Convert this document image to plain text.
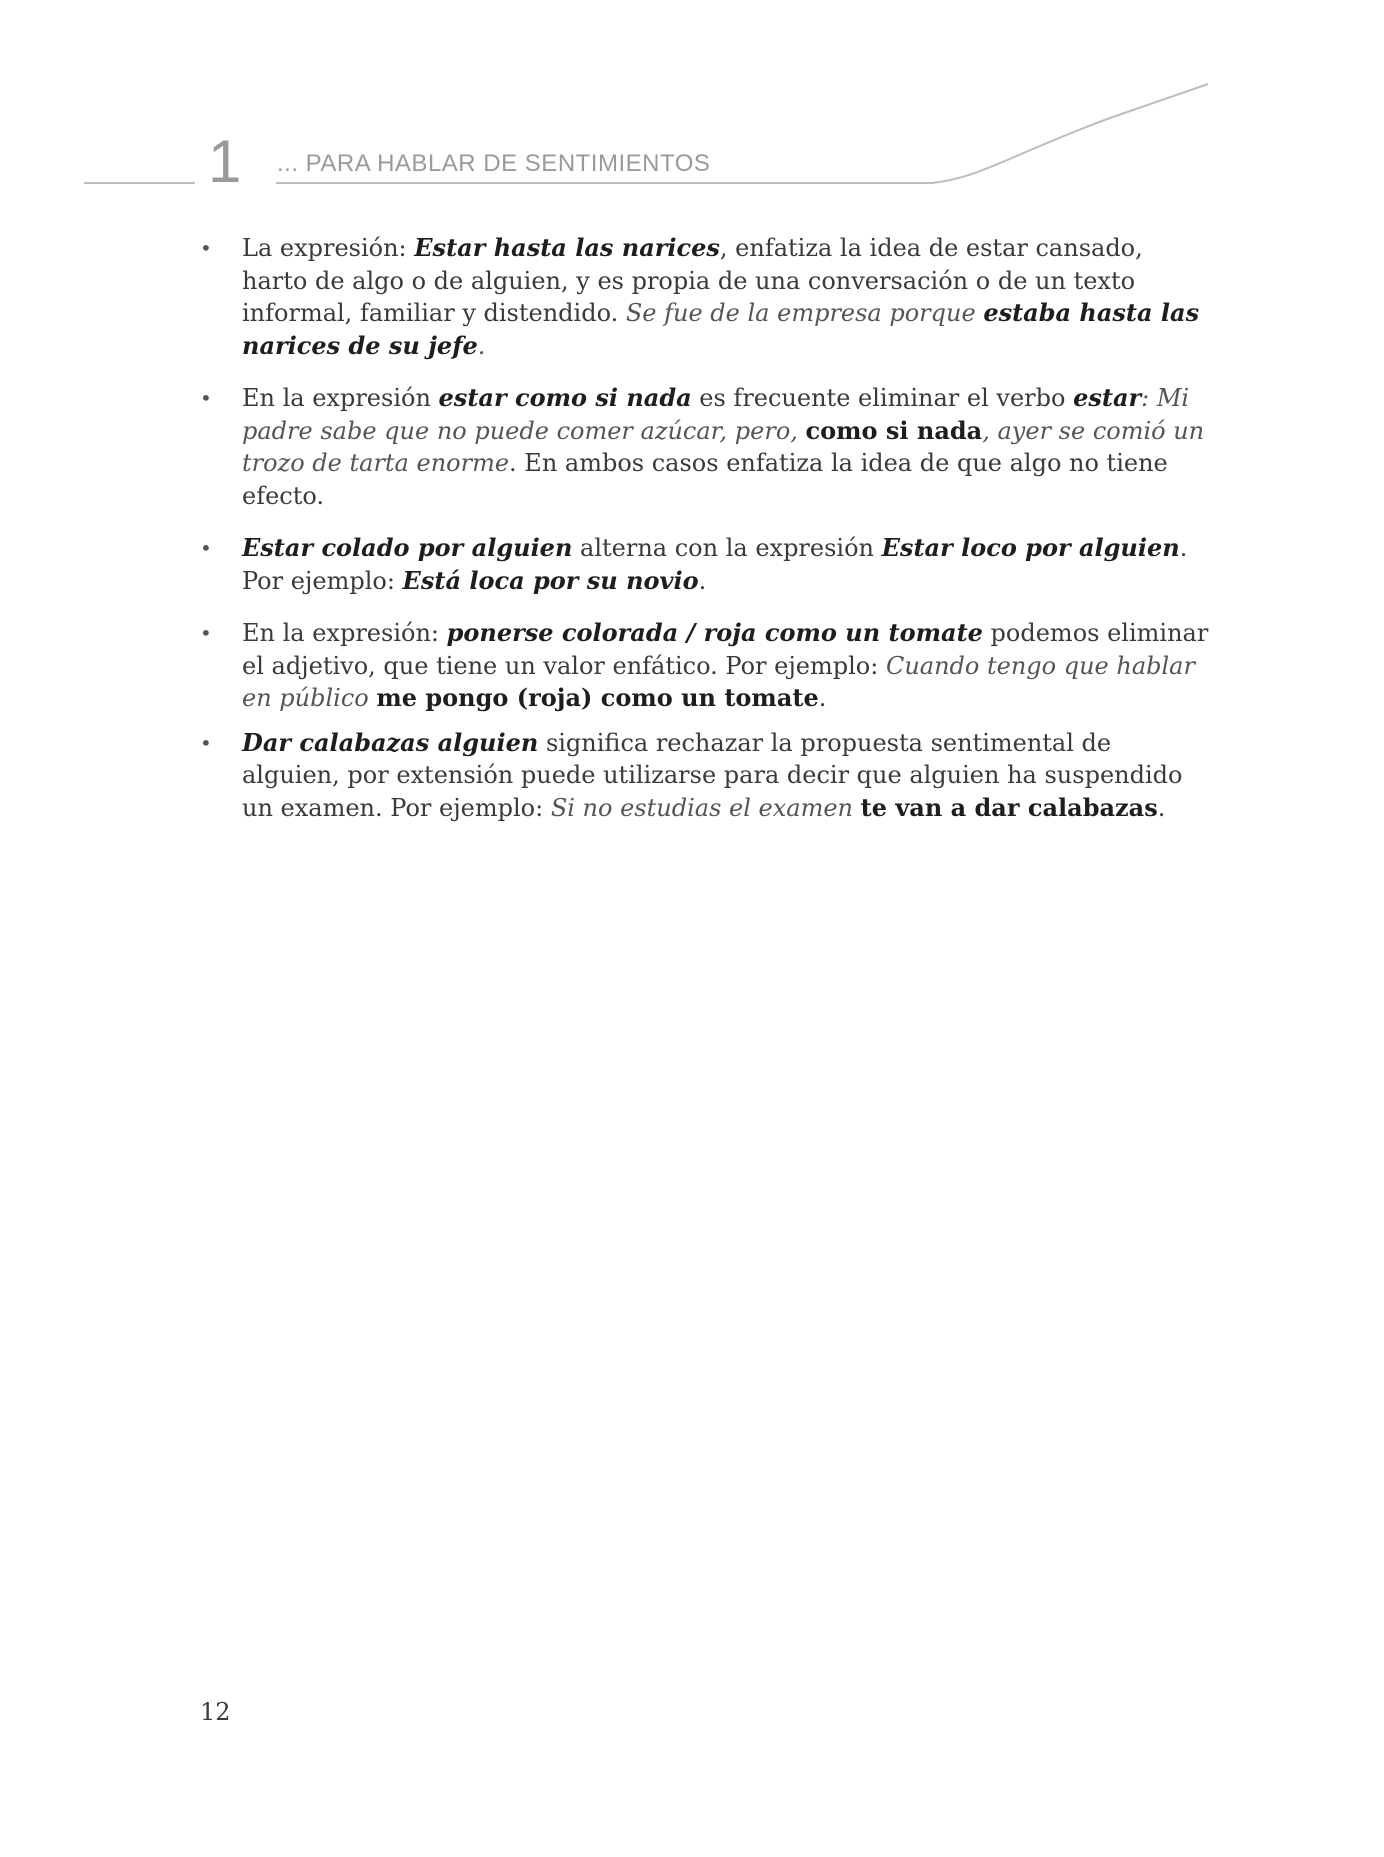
1 ... PARA HABLAR DE SENTIMIENTOS
• La expresión: Estar hasta las narices, enfatiza la idea de estar cansado, harto de algo o de alguien, y es propia de una conversación o de un texto informal, familiar y distendido. Se fue de la empresa porque estaba hasta las narices de su jefe.
• En la expresión estar como si nada es frecuente eliminar el verbo estar: Mi padre sabe que no puede comer azúcar, pero, como si nada, ayer se comió un trozo de tarta enorme. En ambos casos enfatiza la idea de que algo no tiene efecto.
• Estar colado por alguien alterna con la expresión Estar loco por alguien. Por ejemplo: Está loca por su novio.
• En la expresión: ponerse colorada / roja como un tomate podemos eliminar el adjetivo, que tiene un valor enfático. Por ejemplo: Cuando tengo que hablar en público me pongo (roja) como un tomate.
• Dar calabazas alguien significa rechazar la propuesta sentimental de alguien, por extensión puede utilizarse para decir que alguien ha suspendido un examen. Por ejemplo: Si no estudias el examen te van a dar calabazas.
12
